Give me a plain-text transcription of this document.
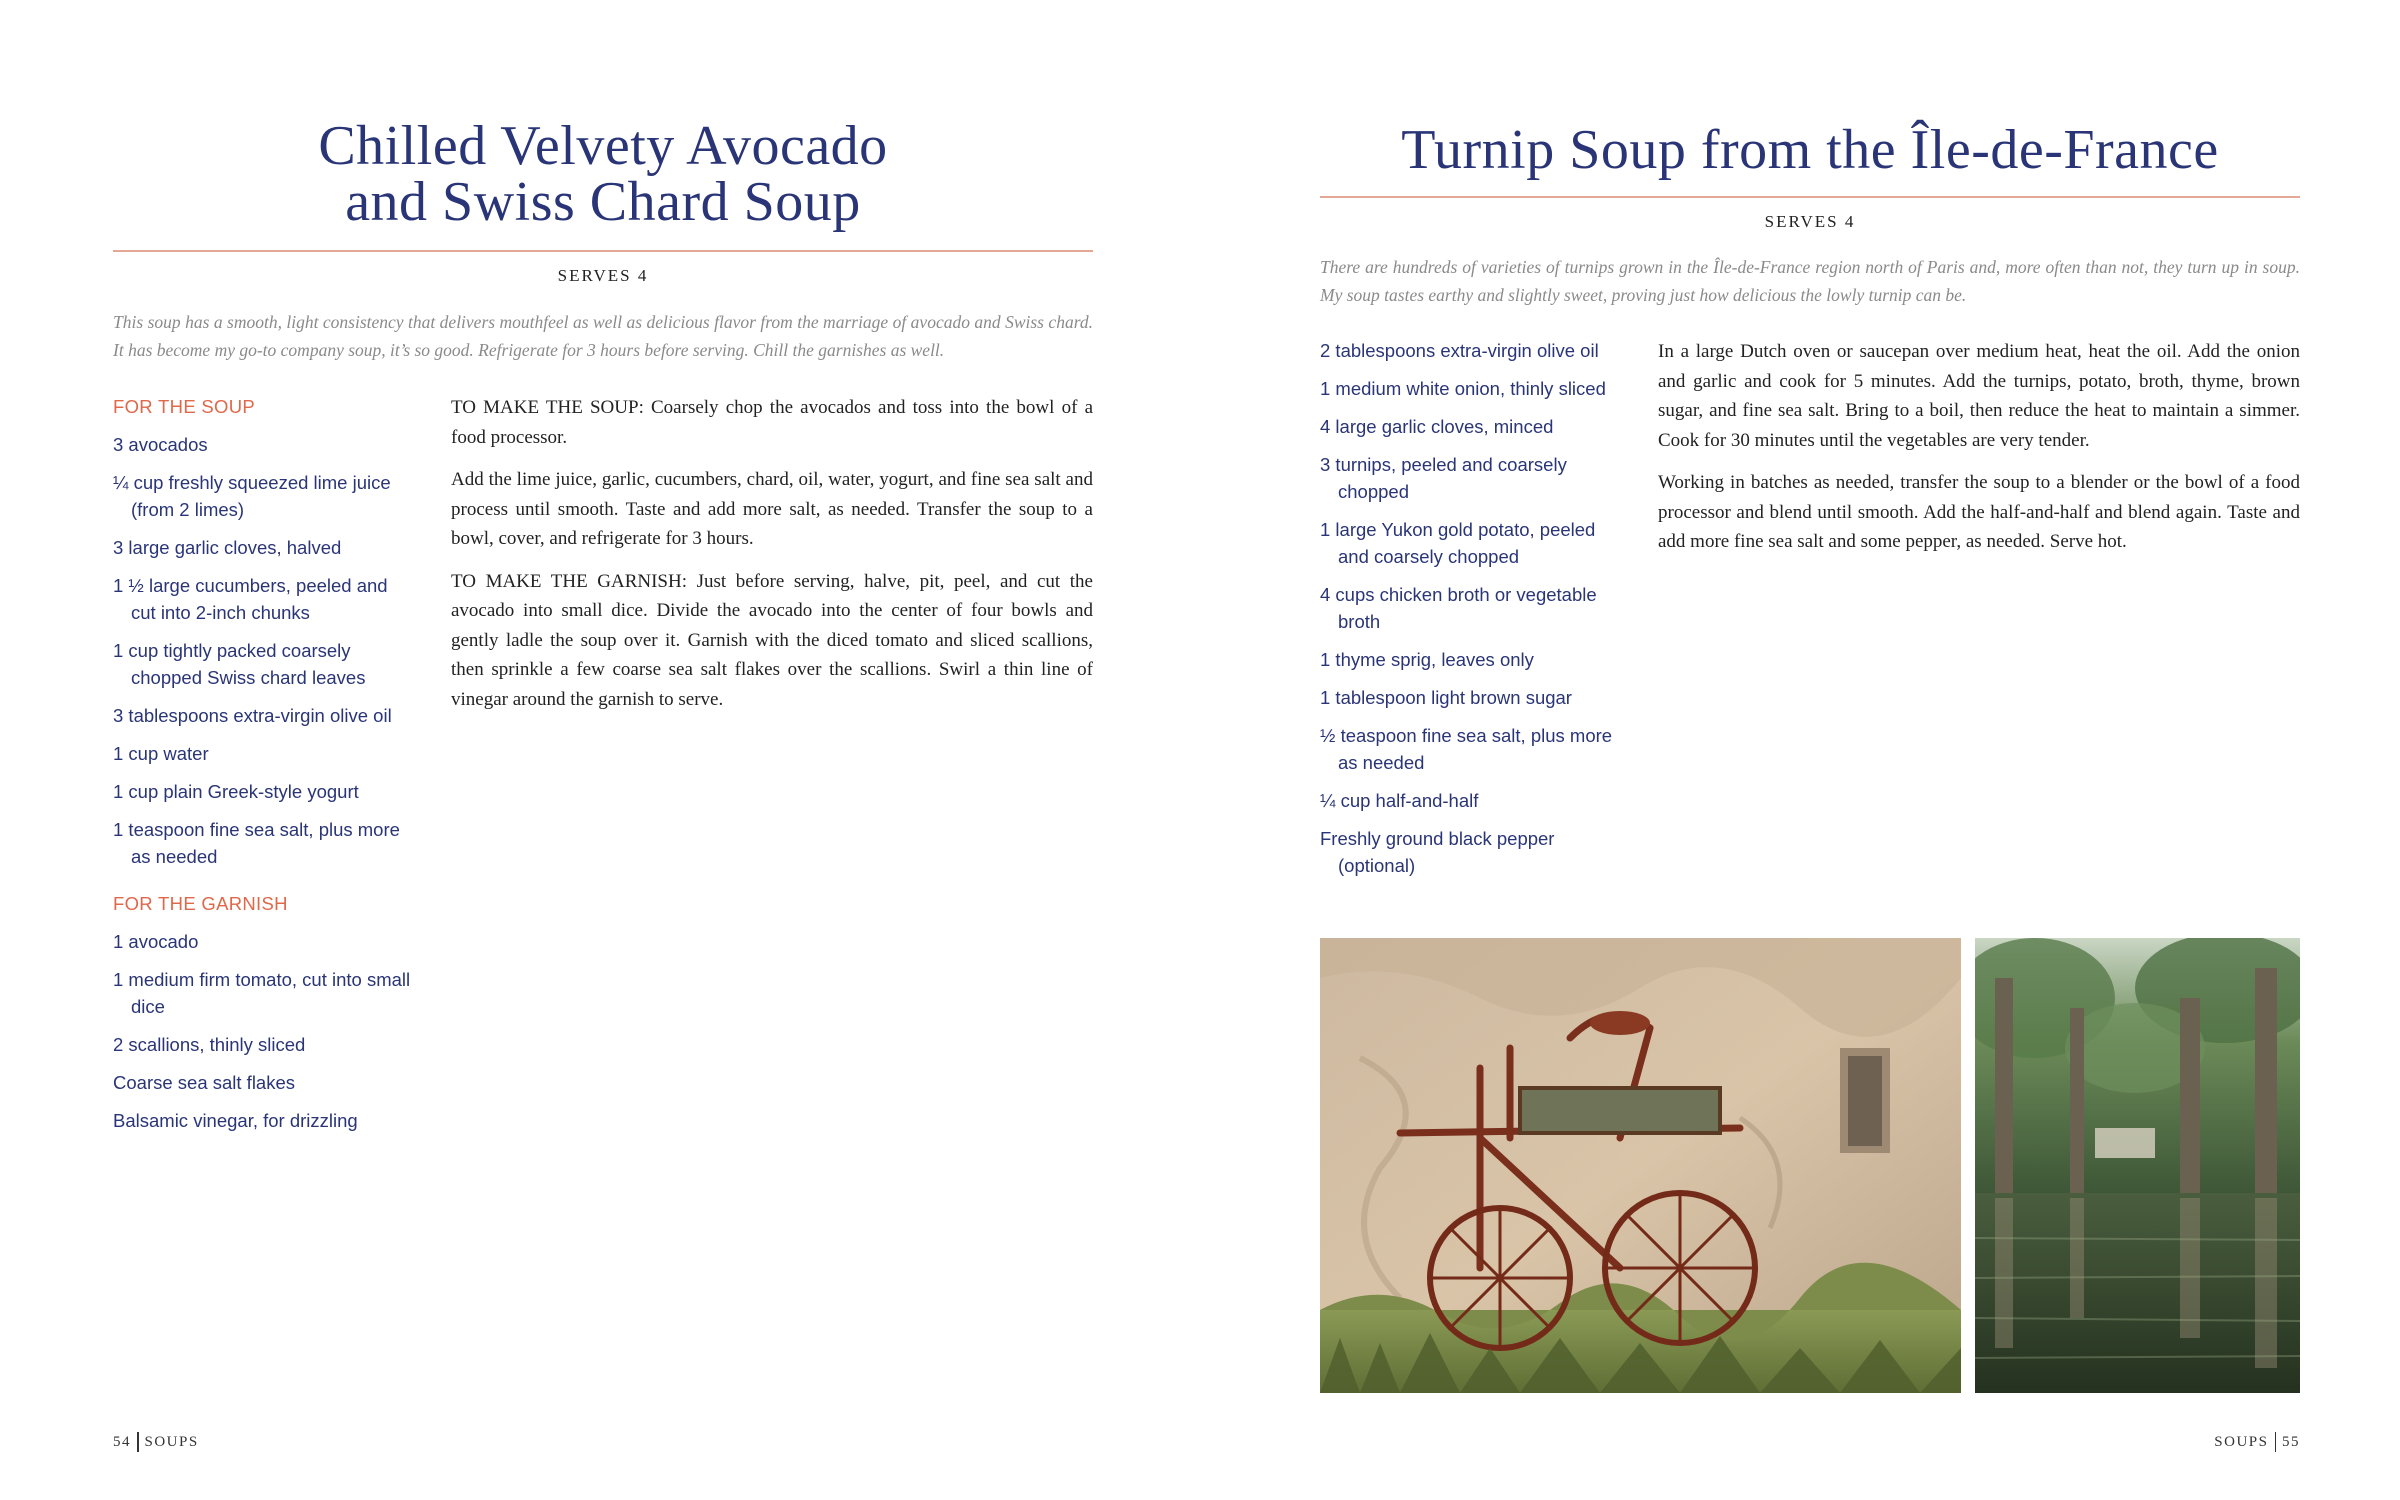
Chilled Velvety Avocado
and Swiss Chard Soup
SERVES 4

This soup has a smooth, light consistency that delivers mouthfeel as well as delicious flavor from the marriage of avocado and Swiss chard. It has become my go-to company soup, it’s so good. Refrigerate for 3 hours before serving. Chill the garnishes as well.

FOR THE SOUP
3 avocados
¼ cup freshly squeezed lime juice (from 2 limes)
3 large garlic cloves, halved
1 ½ large cucumbers, peeled and cut into 2-inch chunks
1 cup tightly packed coarsely chopped Swiss chard leaves
3 tablespoons extra-virgin olive oil
1 cup water
1 cup plain Greek-style yogurt
1 teaspoon fine sea salt, plus more as needed
FOR THE GARNISH
1 avocado
1 medium firm tomato, cut into small dice
2 scallions, thinly sliced
Coarse sea salt flakes
Balsamic vinegar, for drizzling

TO MAKE THE SOUP: Coarsely chop the avocados and toss into the bowl of a food processor.

Add the lime juice, garlic, cucumbers, chard, oil, water, yogurt, and fine sea salt and process until smooth. Taste and add more salt, as needed. Transfer the soup to a bowl, cover, and refrigerate for 3 hours.

TO MAKE THE GARNISH: Just before serving, halve, pit, peel, and cut the avocado into small dice. Divide the avocado into the center of four bowls and gently ladle the soup over it. Garnish with the diced tomato and sliced scallions, then sprinkle a few coarse sea salt flakes over the scallions. Swirl a thin line of vinegar around the garnish to serve.

54 SOUPS
Turnip Soup from the Île-de-France
SERVES 4

There are hundreds of varieties of turnips grown in the Île-de-France region north of Paris and, more often than not, they turn up in soup. My soup tastes earthy and slightly sweet, proving just how delicious the lowly turnip can be.

2 tablespoons extra-virgin olive oil
1 medium white onion, thinly sliced
4 large garlic cloves, minced
3 turnips, peeled and coarsely chopped
1 large Yukon gold potato, peeled and coarsely chopped
4 cups chicken broth or vegetable broth
1 thyme sprig, leaves only
1 tablespoon light brown sugar
½ teaspoon fine sea salt, plus more as needed
¼ cup half-and-half
Freshly ground black pepper (optional)

In a large Dutch oven or saucepan over medium heat, heat the oil. Add the onion and garlic and cook for 5 minutes. Add the turnips, potato, broth, thyme, brown sugar, and fine sea salt. Bring to a boil, then reduce the heat to maintain a simmer. Cook for 30 minutes until the vegetables are very tender.

Working in batches as needed, transfer the soup to a blender or the bowl of a food processor and blend until smooth. Add the half-and-half and blend again. Taste and add more fine sea salt and some pepper, as needed. Serve hot.

SOUPS 55
